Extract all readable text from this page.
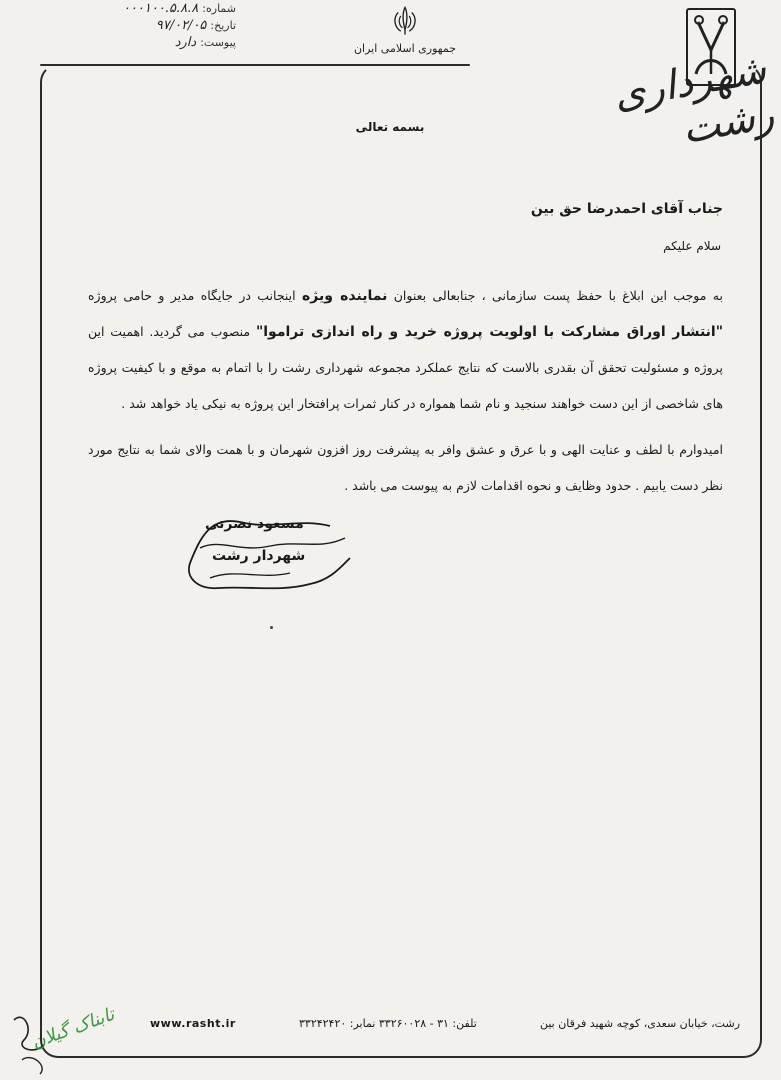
شماره:
۰۰۰۱۰۰.۵.۸.۸
تاریخ:
۹۷/۰۲/۰۵
پیوست:
دارد	جمهوری اسلامی ایران	شهرداری رشت
بسمه تعالی
جناب آقای احمدرضا حق بین
سلام علیکم
به موجب این ابلاغ با حفظ پست سازمانی ، جنابعالی بعنوان نماینده ویژه اینجانب در جایگاه مدیر و حامی پروژه "انتشار اوراق مشارکت با اولویت پروژه خرید و راه اندازی تراموا" منصوب می گردید. اهمیت این پروژه و مسئولیت تحقق آن بقدری بالاست که نتایج عملکرد مجموعه شهرداری رشت را با اتمام به موقع و با کیفیت پروژه های شاخصی از این دست خواهند سنجید و نام شما همواره در کنار ثمرات پرافتخار این پروژه به نیکی یاد خواهد شد .
امیدوارم با لطف و عنایت الهی و با عرق و عشق وافر به پیشرفت روز افزون شهرمان و با همت والای شما به نتایج مورد نظر دست یابیم . حدود وظایف و نحوه اقدامات لازم به پیوست می باشد .
مسعود نصرتی
شهردار رشت
www.rasht.ir	تلفن: ۳۱ - ۳۳۲۶۰۰۲۸ نمابر: ۳۳۲۴۲۴۲۰	رشت، خیابان سعدی، کوچه شهید فرقان بین
تابناک گیلان
